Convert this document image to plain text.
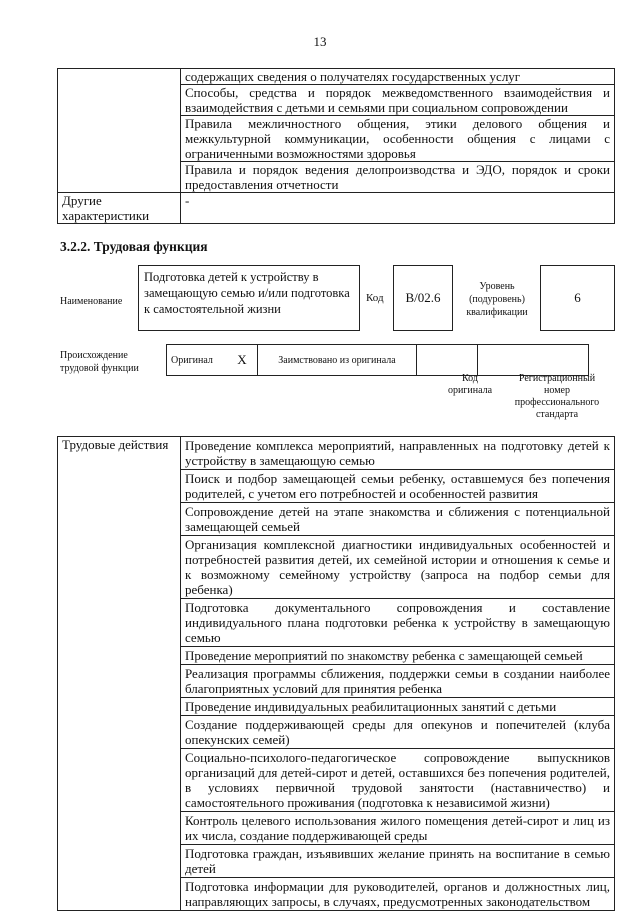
13
	содержащих сведения о получателях государственных услуг
	Способы, средства и порядок межведомственного взаимодействия и взаимодействия с детьми и семьями при социальном сопровождении
	Правила межличностного общения, этики делового общения и межкультурной коммуникации, особенности общения с лицами с ограниченными возможностями здоровья
	Правила и порядок ведения делопроизводства и ЭДО, порядок и сроки предоставления отчетности
Другие характеристики	-
3.2.2. Трудовая функция
Наименование
Подготовка детей к устройству в замещающую семью и/или подготовка к самостоятельной жизни
Код	В/02.6
Уровень (подуровень) квалификации
6
Происхождение трудовой функции
Оригинал	X	Заимствовано из оригинала		
Код оригинала
Регистрационный номер профессионального стандарта
Трудовые действия	Проведение комплекса мероприятий, направленных на подготовку детей к устройству в замещающую семью
Поиск и подбор замещающей семьи ребенку, оставшемуся без попечения родителей, с учетом его потребностей и особенностей развития
Сопровождение детей на этапе знакомства и сближения с потенциальной замещающей семьей
Организация комплексной диагностики индивидуальных особенностей и потребностей развития детей, их семейной истории и отношения к семье и к возможному семейному устройству (запроса на подбор семьи для ребенка)
Подготовка документального сопровождения и составление индивидуального плана подготовки ребенка к устройству в замещающую семью
Проведение мероприятий по знакомству ребенка с замещающей семьей
Реализация программы сближения, поддержки семьи в создании наиболее благоприятных условий для принятия ребенка
Проведение индивидуальных реабилитационных занятий с детьми
Создание поддерживающей среды для опекунов и попечителей (клуба опекунских семей)
Социально-психолого-педагогическое сопровождение выпускников организаций для детей-сирот и детей, оставшихся без попечения родителей, в условиях первичной трудовой занятости (наставничество) и самостоятельного проживания (подготовка к независимой жизни)
Контроль целевого использования жилого помещения детей-сирот и лиц из их числа, создание поддерживающей среды
Подготовка граждан, изъявивших желание принять на воспитание в семью детей
Подготовка информации для руководителей, органов и должностных лиц, направляющих запросы, в случаях, предусмотренных законодательством
